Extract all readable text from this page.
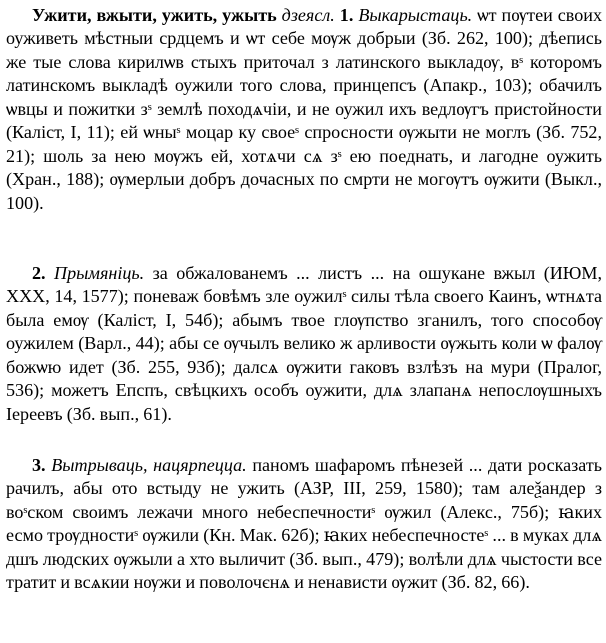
Ужити, вжыти, ужить, ужыть дзеясл. 1. Выкарыстаць. ѡт пѹтеи своих оуживеть мѣстныи срдцемъ и ѡт себе мѹж добрыи (Зб. 262, 100); дѣепись же тые слова кирилѡв стыхъ приточал з латинского выкладѹ, вˢ которомъ латинскомъ выкладѣ оужили того слова, принцепсъ (Апакр., 103); обачилъ ѡвцы и пожитки зˢ землѣ походѧчіи, и не оужил ихъ ведлѹгъ пристойности (Каліст, I, 11); ей ѡныˢ моцар ку своеˢ спросности ѹжыти не моглъ (Зб. 752, 21); шоль за нею мѹжъ ей, хотѧчи сѧ зˢ ею поеднать, и лагодне оужить (Хран., 188); ѹмерлыи добръ дочасных по смрти не могѹтъ ѹжити (Выкл., 100).

2. Прымяніць. за обжалованемъ ... листъ ... на ошукане вжыл (ИЮМ, XXX, 14, 1577); поневаж бовѣмъ зле оужилˢ силы тѣла своего Каинъ, ѡтнѧта была емѹ (Каліст, I, 54б); абымъ твое глѹпство зганилъ, того способѹ оужилем (Варл., 44); абы се ѹчылъ велико ж арливости ѹжыть коли ѡ фалѹ божѡю идет (Зб. 255, 93б); далсѧ ѹжити гаковъ взлѣзъ на мури (Пралог, 536); можетъ Епспъ, свѣцкихъ особъ оужити, длѧ злапанѧ непослѹшныхъ Іереевъ (Зб. вып., 61).

3. Вытрываць, нацярпецца. паномъ шафаромъ пѣнезей ... дати росказать рачилъ, абы ото встыду не ужить (АЗР, III, 259, 1580); там алеѯандер з воˢском своимъ лежачи много небеспечностиˢ ѹжил (Алекс., 75б); ꙗких есмо трѹдностиˢ ѹжили (Кн. Мак. 62б); ꙗких небеспечностеˢ ... в муках длѧ дшъ людских ѹжыли а хто выличит (Зб. вып., 479); волѣли длѧ чыстости все тратит и всѧкии нѹжи и поволочєнѧ и ненависти ѹжит (Зб. 82, 66).
